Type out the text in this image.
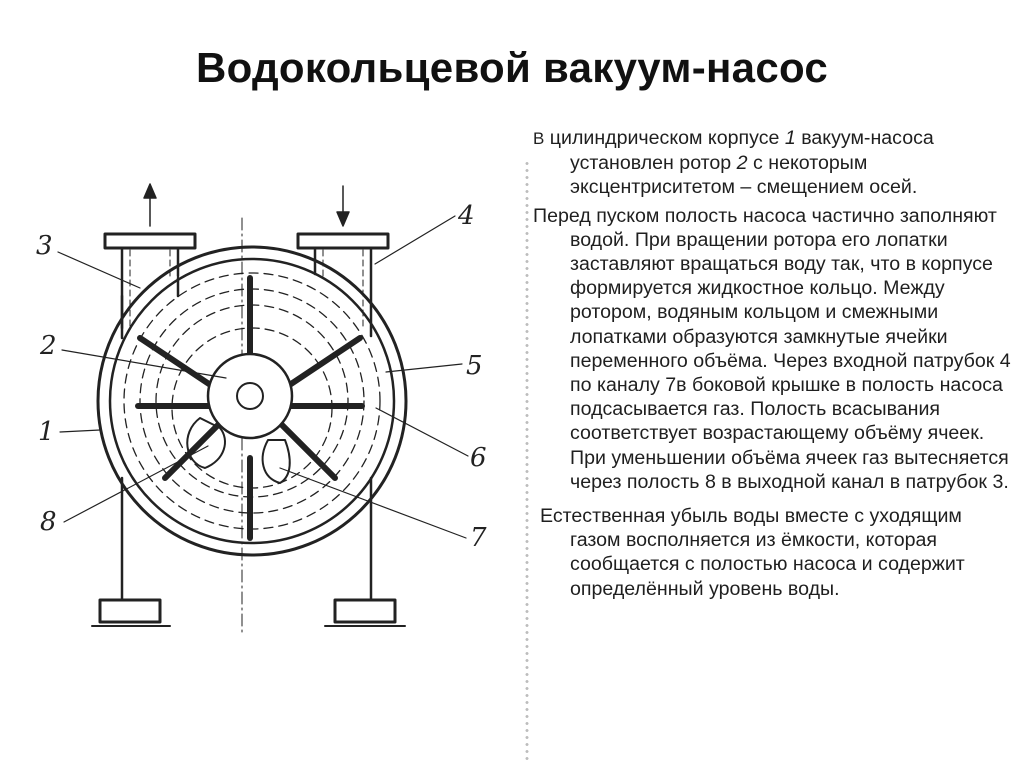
Водокольцевой вакуум-насос
3
4
2
5
1
6
8
7

В цилиндрическом корпусе 1 вакуум-насоса установлен ротор 2 с некоторым эксцентриситетом – смещением осей.

Перед пуском полость насоса частично заполняют водой. При вращении ротора его лопатки заставляют вращаться воду так, что в корпусе формируется жидкостное кольцо. Между ротором, водяным кольцом и смежными лопатками образуются замкнутые ячейки переменного объёма. Через входной патрубок 4 по каналу 7в боковой крышке в полость насоса подсасывается газ. Полость всасывания соответствует возрастающему объёму ячеек. При уменьшении объёма ячеек газ вытесняется через полость 8 в выходной канал в патрубок 3.

Естественная убыль воды вместе с уходящим газом восполняется из ёмкости, которая сообщается с полостью насоса и содержит определённый уровень воды.
